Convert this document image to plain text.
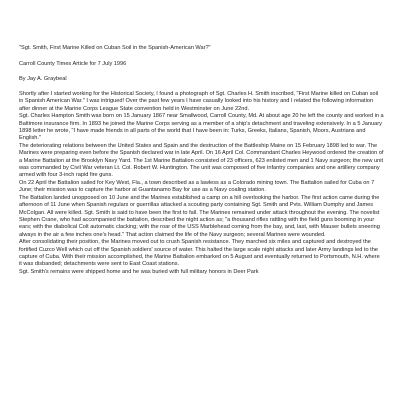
"Sgt. Smith, First Marine Killed on Cuban Soil in the Spanish-American War?"

Carroll County Times Article for 7 July 1996

By Jay A. Graybeal

Shortly after I started working for the Historical Society, I found a photograph of Sgt. Charles H. Smith inscribed, "First Marine killed on Cuban soil in Spanish American War." I was intrigued! Over the past few years I have casually looked into his history and I related the following information after dinner at the Marine Corps League State convention held in Westminster on June 22nd.

Sgt. Charles Hampton Smith was born on 15 January 1867 near Smallwood, Carroll County, Md. At about age 20 he left the county and worked in a Baltimore insurance firm. In 1893 he joined the Marine Corps serving as a member of a ship's detachment and traveling extensively. In a 5 January 1898 letter he wrote, "I have made friends in all parts of the world that I have been in: Turks, Greeks, Italians, Spanish, Moors, Austrians and English."

The deteriorating relations between the United States and Spain and the destruction of the Battleship Maine on 15 February 1898 led to war. The Marines were preparing even before the Spanish declared war in late April. On 16 April Col. Commandant Charles Heywood ordered the creation of a Marine Battalion at the Brooklyn Navy Yard. The 1st Marine Battalion consisted of 23 officers, 623 enlisted men and 1 Navy surgeon; the new unit was commanded by Civil War veteran Lt. Col. Robert W. Huntington. The unit was composed of five infantry companies and one artillery company armed with four 3-inch rapid fire guns.

On 22 April the Battalion sailed for Key West, Fla., a town described as a lawless as a Colorado mining town. The Battalion sailed for Cuba on 7 June; their mission was to capture the harbor at Guantanamo Bay for use as a Navy coaling station.

The Battalion landed unopposed on 10 June and the Marines established a camp on a hill overlooking the harbor. The first action came during the afternoon of 11 June when Spanish regulars or guerrillas attacked a scouting party containing Sgt. Smith and Pvts. William Dumphy and James McColgan. All were killed. Sgt. Smith is said to have been the first to fall. The Marines remained under attack throughout the evening. The novelist Stephen Crane, who had accompanied the battalion, described the night action as; "a thousand rifles rattling with the field guns booming in your ears; with the diabolical Colt automatic clacking; with the roar of the USS Marblehead coming from the bay, and, last, with Mauser bullets sneering always in the air a few inches one's head." That action claimed the life of the Navy surgeon; several Marines were wounded.

After consolidating their position, the Marines moved out to crush Spanish resistance. They marched six miles and captured and destroyed the fortified Cuzco Well which cut off the Spanish soldiers' source of water. This halted the large scale night attacks and later Army landings led to the capture of Cuba. With their mission accomplished, the Marine Battalion embarked on 5 August and eventually returned to Portsmouth, N.H. where it was disbanded; detachments were sent to East Coast stations.

Sgt. Smith's remains were shipped home and he was buried with full military honors in Deer Park
